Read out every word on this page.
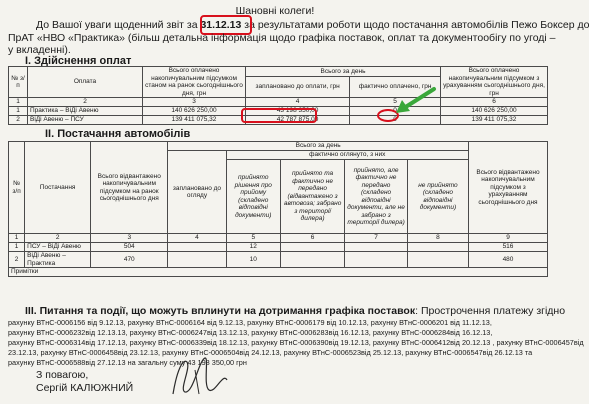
Шановні колеги!
До Вашої уваги щоденний звіт за 31.12.13 за результатами роботи щодо постачання автомобілів Пежо Боксер до
ПрАТ «НВО «Практика» (більш детальна інформація щодо графіка поставок, оплат та документообігу по угоді –
у вкладенні).
I. Здійснення оплат
№ з/п	Оплата	Всього оплачено накопичувальним підсумком станом на ранок сьогоднішнього дня, грн	Всього за день		Всього оплачено накопичувальним підсумком з урахуванням сьогоднішнього дня, грн
			заплановано до оплати, грн	фактично оплачено, грн	
1	2	3	4	5	6
1	Практика – ВіДі Авеню	140 626 250,00	43 198 350,00	0	140 626 250,00
2	ВіДі Авеню – ПСУ	139 411 075,32	42 787 875,00	0	139 411 075,32
II. Постачання автомобілів
№ з/п	Постачання	Всього відвантажено накопичувальним підсумком на ранок сьогоднішнього дня	Всього за день					Всього відвантажено накопичувальним підсумком з урахуванням сьогоднішнього дня
			заплановано до огляду	фактично оглянуто, з них				
				прийнято рішення про прийому (складено відповідні документи)	прийнято та фактично не передано (відвантажено з автовоза; забрано з території дилера)	прийнято, але фактично не передано (складено відповідні документи, але не забрано з території дилера)	не прийнято (складено відповідні документи)	
1	2	3	4	5	6	7	8	9
1	ПСУ – ВіДі Авеню	504		12				516
2	ВіДі Авеню – Практика	470		10				480
Примітки								
III. Питання та події, що можуть вплинути на дотримання графіка поставок: Прострочення платежу згідно
рахунку ВТнС-0006156 від 9.12.13, рахунку ВТнС-0006164 від 9.12.13, рахунку ВТнС-0006179 від 10.12.13, рахунку ВТнС-0006201 від 11.12.13,
рахунку ВТнС-0006232від 12.13.13, рахунку ВТнС-0006247від 13.12.13, рахунку ВТнС-0006283від 16.12.13, рахунку ВТнС-0006284від 16.12.13,
рахунку ВТнС-0006314від 17.12.13, рахунку ВТнС-0006339від 18.12.13, рахунку ВТнС-0006390від 19.12.13, рахунку ВТнС-0006412від 20.12.13 , рахунку ВТнС-0006457від
23.12.13, рахунку ВТнС-0006458від 23.12.13, рахунку ВТнС-0006504від 24.12.13, рахунку ВТнС-0006523від 25.12.13, рахунку ВТнС-0006547від 26.12.13 та
рахунку ВТнС-0006588від 27.12.13 на загальну суму 43 198 350,00 грн
З повагою,
Сергій КАЛЮЖНИЙ
